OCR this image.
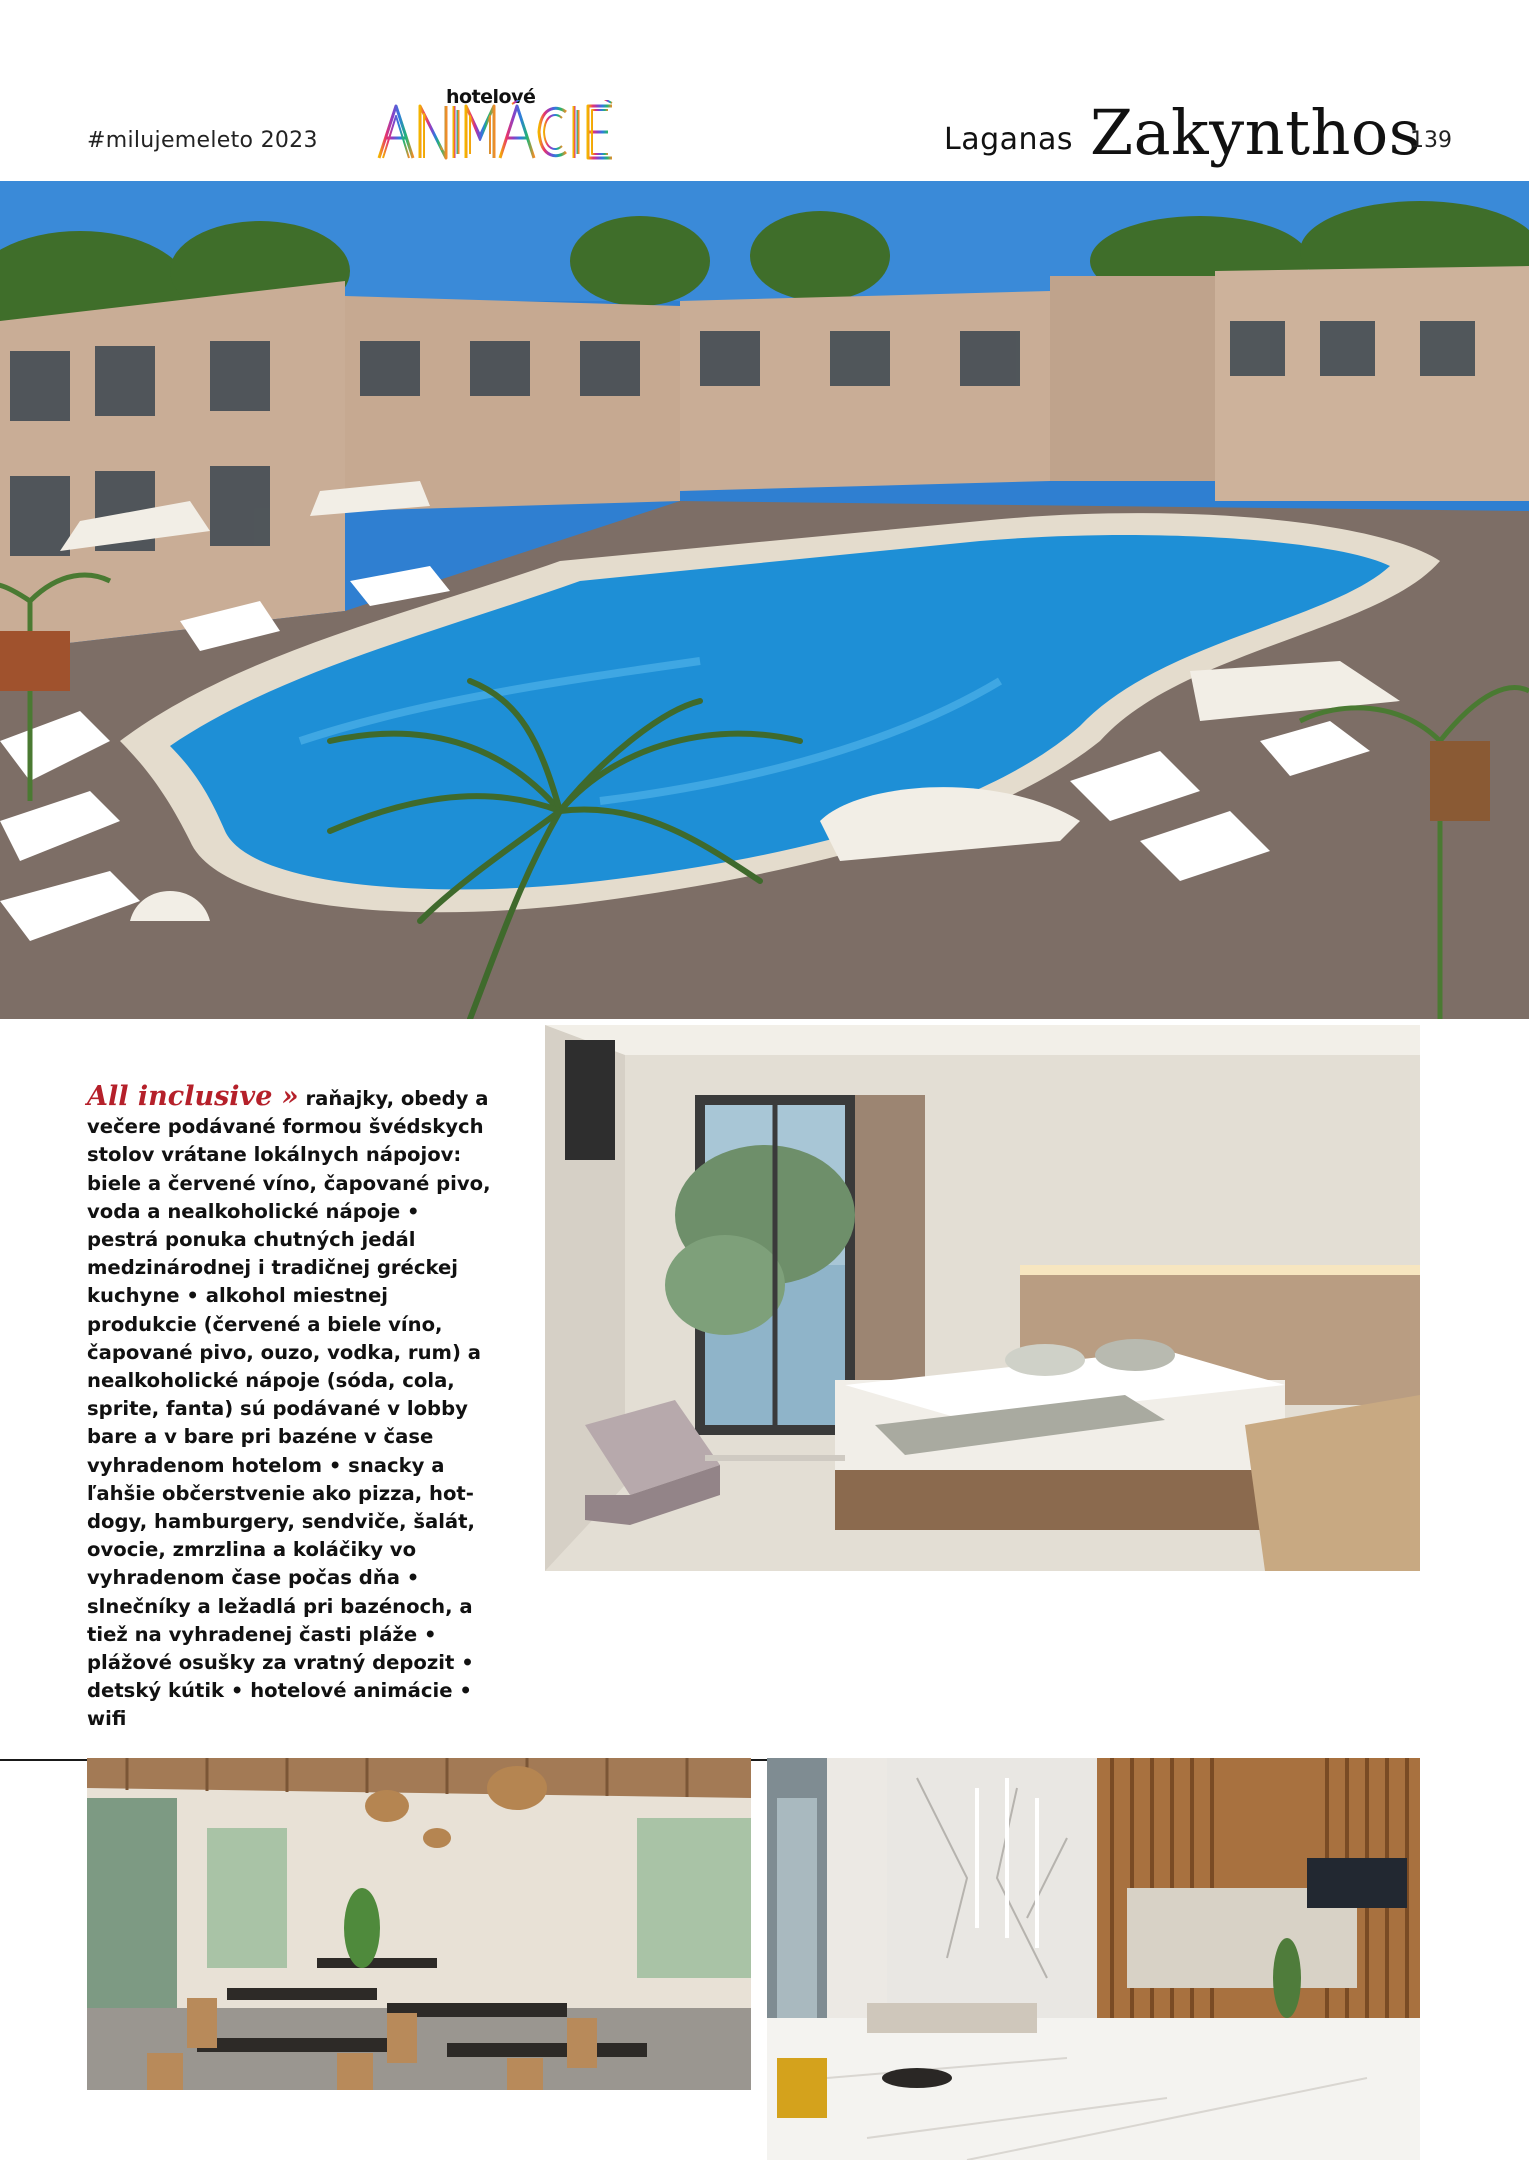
#milujemeleto 2023
hotelové
Laganas Zakynthos
139
All inclusive » raňajky, obedy a večere podávané formou švédskych stolov vrátane lokálnych nápojov: biele a červené víno, čapované pivo, voda a nealkoholické nápoje • pestrá ponuka chutných jedál medzinárodnej i tradičnej gréckej kuchyne • alkohol miestnej produkcie (červené a biele víno, čapované pivo, ouzo, vodka, rum) a nealkoholické nápoje (sóda, cola, sprite, fanta) sú podávané v lobby bare a v bare pri bazéne v čase vyhradenom hotelom • snacky a ľahšie občerstvenie ako pizza, hot-dogy, hamburgery, sendviče, šalát, ovocie, zmrzlina a koláčiky vo vyhradenom čase počas dňa • slnečníky a ležadlá pri bazénoch, a tiež na vyhradenej časti pláže • plážové osušky za vratný depozit • detský kútik • hotelové animácie • wifi
